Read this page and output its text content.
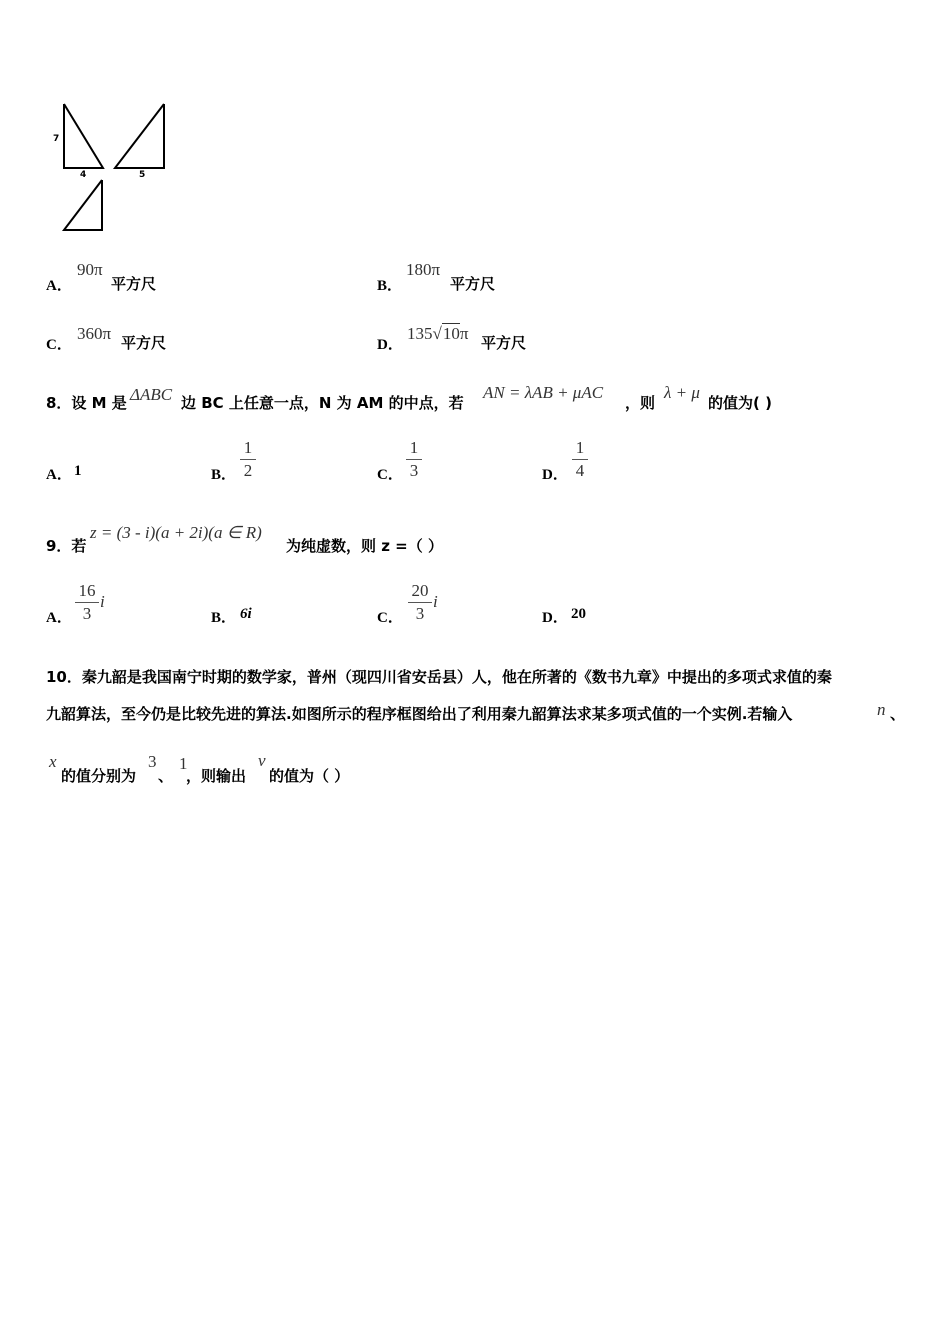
7
4	5
A．
90π
平方尺	B．
180π
平方尺
C．
360π 平方尺	D．
135√10π 平方尺
8．设 M 是 ΔABC 边 BC 上任意一点，N 为 AM 的中点，若
AN = λAB + μAC
，则
λ + μ
的值为( )
A． 1	B．
1
2	C．
1
3	D．
1
4
9．若
z = (3 - i)(a + 2i)(a ∈ R)
为纯虚数，则 z =（ ）
A．
16
3
i
B． 6i	C．
20
3
i
D． 20
10．秦九韶是我国南宁时期的数学家，普州（现四川省安岳县）人，他在所著的《数书九章》中提出的多项式求值的秦
九韶算法，至今仍是比较先进的算法.如图所示的程序框图给出了利用秦九韶算法求某多项式值的一个实例.若输入	n 、
x
的值分别为
3
、
1
，则输出
v
的值为（ ）
